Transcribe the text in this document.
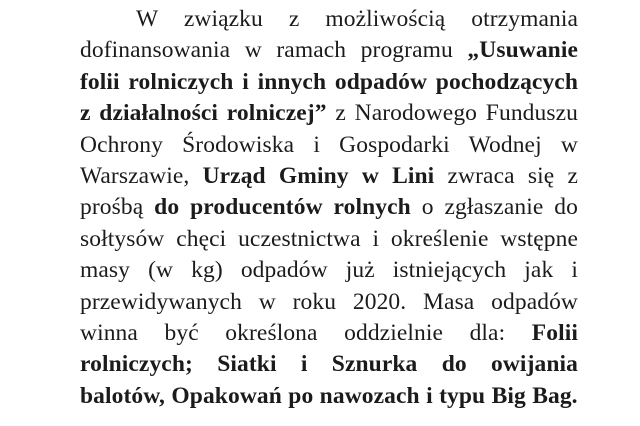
W związku z możliwością otrzymania dofinansowania w ramach programu „Usuwanie folii rolniczych i innych odpadów pochodzących z działalności rolniczej” z Narodowego Funduszu Ochrony Środowiska i Gospodarki Wodnej w Warszawie, Urząd Gminy w Lini zwraca się z prośbą do producentów rolnych o zgłaszanie do sołtysów chęci uczestnictwa i określenie wstępne masy (w kg) odpadów już istniejących jak i przewidywanych w roku 2020. Masa odpadów winna być określona oddzielnie dla: Folii rolniczych; Siatki i Sznurka do owijania balotów, Opakowań po nawozach i typu Big Bag.
